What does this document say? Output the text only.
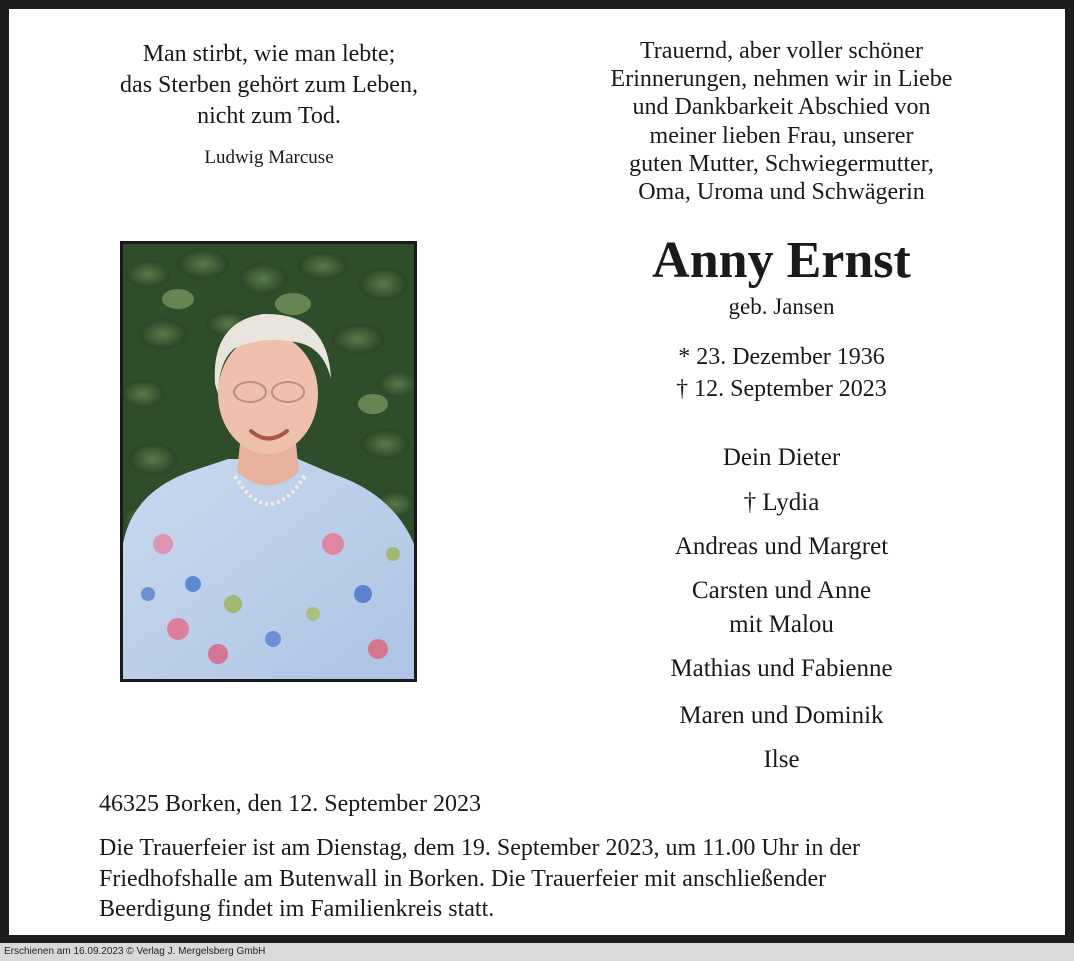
Man stirbt, wie man lebte;
das Sterben gehört zum Leben,
nicht zum Tod.
Ludwig Marcuse
Trauernd, aber voller schöner
Erinnerungen, nehmen wir in Liebe
und Dankbarkeit Abschied von
meiner lieben Frau, unserer
guten Mutter, Schwiegermutter,
Oma, Uroma und Schwägerin
Anny Ernst
geb. Jansen
* 23. Dezember 1936
† 12. September 2023
Dein Dieter
† Lydia
Andreas und Margret
Carsten und Anne
mit Malou
Mathias und Fabienne
Maren und Dominik
Ilse
46325 Borken, den 12. September 2023
Die Trauerfeier ist am Dienstag, dem 19. September 2023, um 11.00 Uhr in der
Friedhofshalle am Butenwall in Borken. Die Trauerfeier mit anschließender
Beerdigung findet im Familienkreis statt.
Erschienen am 16.09.2023 © Verlag J. Mergelsberg GmbH
